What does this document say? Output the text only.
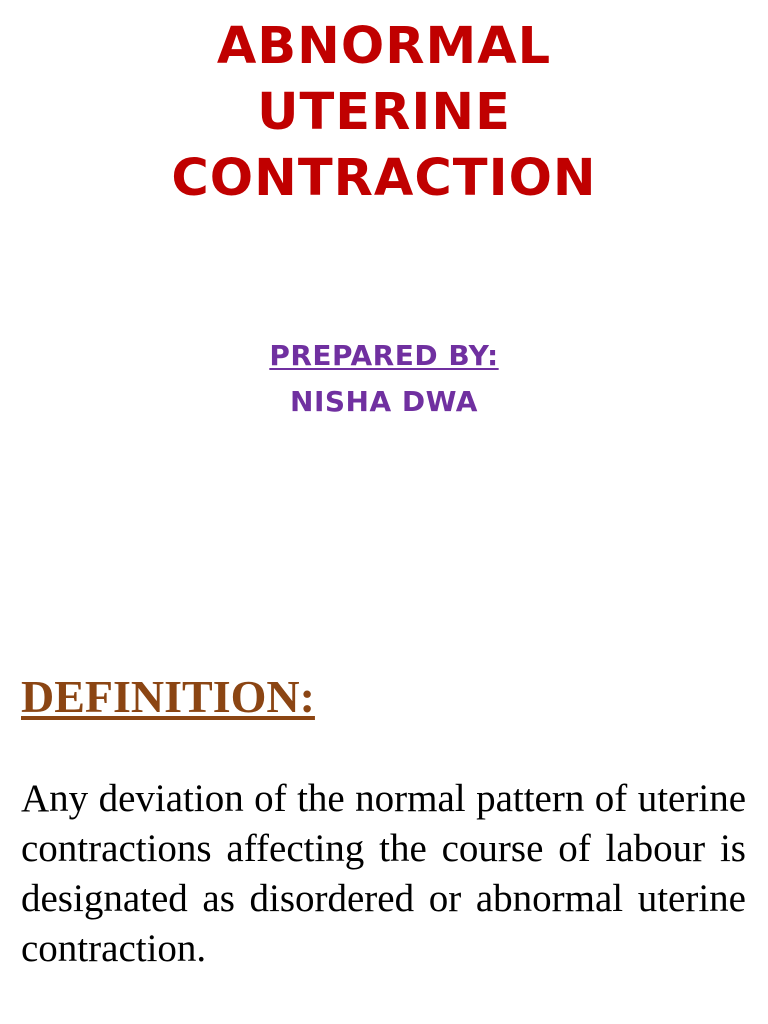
ABNORMAL
UTERINE
CONTRACTION
PREPARED BY:
NISHA DWA
DEFINITION:
Any deviation of the normal pattern of uterine contractions affecting the course of labour is designated as disordered or abnormal uterine contraction.
